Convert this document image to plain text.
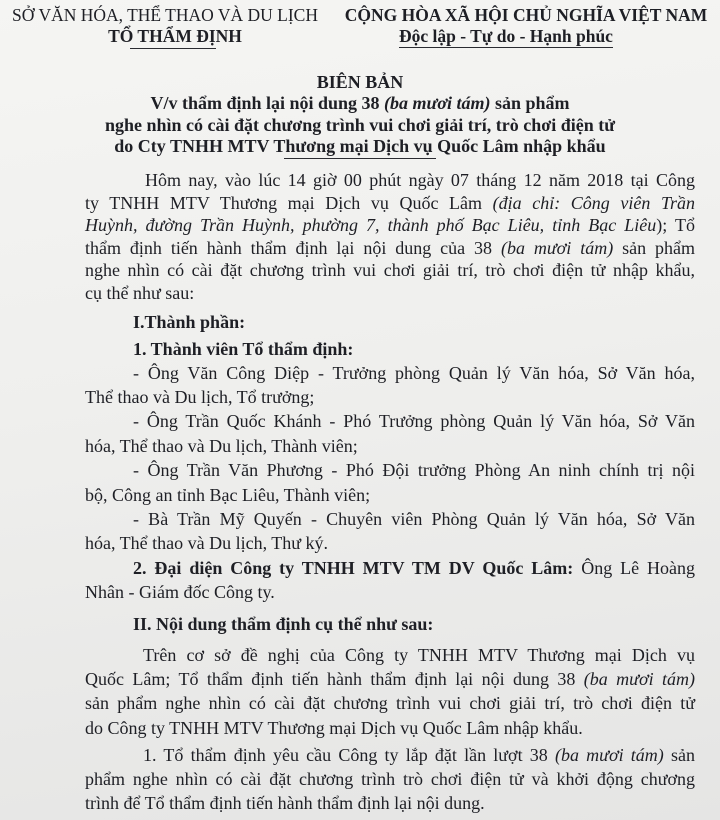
SỞ VĂN HÓA, THỂ THAO VÀ DU LỊCH
TỔ THẨM ĐỊNH
CỘNG HÒA XÃ HỘI CHỦ NGHĨA VIỆT NAM
Độc lập - Tự do - Hạnh phúc
BIÊN BẢN
V/v thẩm định lại nội dung 38 (ba mươi tám) sản phẩm
nghe nhìn có cài đặt chương trình vui chơi giải trí, trò chơi điện tử
do Cty TNHH MTV Thương mại Dịch vụ Quốc Lâm nhập khẩu
Hôm nay, vào lúc 14 giờ 00 phút ngày 07 tháng 12 năm 2018 tại Công
ty TNHH MTV Thương mại Dịch vụ Quốc Lâm (địa chỉ: Công viên Trần
Huỳnh, đường Trần Huỳnh, phường 7, thành phố Bạc Liêu, tỉnh Bạc Liêu); Tổ
thẩm định tiến hành thẩm định lại nội dung của 38 (ba mươi tám) sản phẩm
nghe nhìn có cài đặt chương trình vui chơi giải trí, trò chơi điện tử nhập khẩu,
cụ thể như sau:
I.Thành phần:
1. Thành viên Tổ thẩm định:
- Ông Văn Công Diệp - Trưởng phòng Quản lý Văn hóa, Sở Văn hóa,
Thể thao và Du lịch, Tổ trưởng;
- Ông Trần Quốc Khánh - Phó Trưởng phòng Quản lý Văn hóa, Sở Văn
hóa, Thể thao và Du lịch, Thành viên;
- Ông Trần Văn Phương - Phó Đội trưởng Phòng An ninh chính trị nội
bộ, Công an tỉnh Bạc Liêu, Thành viên;
- Bà Trần Mỹ Quyến - Chuyên viên Phòng Quản lý Văn hóa, Sở Văn
hóa, Thể thao và Du lịch, Thư ký.
2. Đại diện Công ty TNHH MTV TM DV Quốc Lâm: Ông Lê Hoàng
Nhân - Giám đốc Công ty.
II. Nội dung thẩm định cụ thể như sau:
Trên cơ sở đề nghị của Công ty TNHH MTV Thương mại Dịch vụ
Quốc Lâm; Tổ thẩm định tiến hành thẩm định lại nội dung 38 (ba mươi tám)
sản phẩm nghe nhìn có cài đặt chương trình vui chơi giải trí, trò chơi điện tử
do Công ty TNHH MTV Thương mại Dịch vụ Quốc Lâm nhập khẩu.
1. Tổ thẩm định yêu cầu Công ty lắp đặt lần lượt 38 (ba mươi tám) sản
phẩm nghe nhìn có cài đặt chương trình trò chơi điện tử và khởi động chương
trình để Tổ thẩm định tiến hành thẩm định lại nội dung.
